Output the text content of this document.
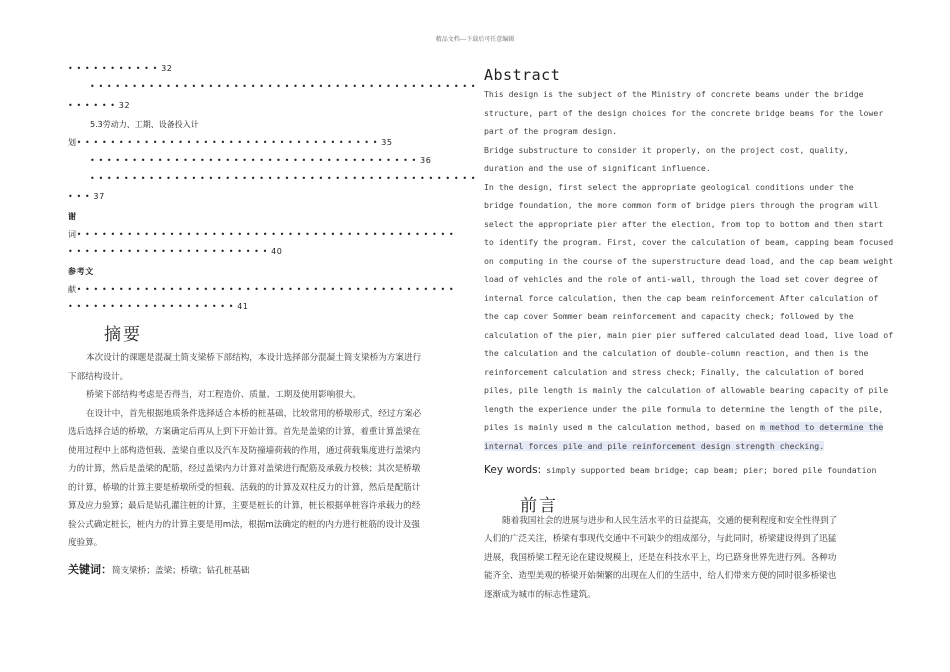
精品文档---下载后可任意编辑
• • • • • • • • • • • 32
• • • • • • • • • • • • • • • • • • • • • • • • • • • • • • • • • • • • • • • • • • • • • •
• • • • • • 32
5.3劳动力、工期、设备投入计
划• • • • • • • • • • • • • • • • • • • • • • • • • • • • • • • • • • • • 35
• • • • • • • • • • • • • • • • • • • • • • • • • • • • • • • • • • • • • • • 36
• • • • • • • • • • • • • • • • • • • • • • • • • • • • • • • • • • • • • • • • • • • • • •
• • • 37
谢
词• • • • • • • • • • • • • • • • • • • • • • • • • • • • • • • • • • • • • • • • • • • • •
• • • • • • • • • • • • • • • • • • • • • • • • 40
参考文
献• • • • • • • • • • • • • • • • • • • • • • • • • • • • • • • • • • • • • • • • • • • • •
• • • • • • • • • • • • • • • • • • • • 41
摘要
本次设计的课题是混凝土简支梁桥下部结构，本设计选择部分混凝土简支梁桥为方案进行
下部结构设计。
桥梁下部结构考虑是否得当，对工程造价、质量、工期及使用影响很大。
在设计中，首先根据地质条件选择适合本桥的桩基础，比较常用的桥墩形式，经过方案必
选后选择合适的桥墩，方案确定后再从上到下开始计算。首先是盖梁的计算，着重计算盖梁在
使用过程中上部构造恒载、盖梁自重以及汽车及防撞墙荷载的作用，通过荷载集度进行盖梁内
力的计算，然后是盖梁的配筋，经过盖梁内力计算对盖梁进行配筋及承载力校核；其次是桥墩
的计算，桥墩的计算主要是桥墩所受的恒载、活载的的计算及双柱反力的计算，然后是配筋计
算及应力验算；最后是钻孔灌注桩的计算，主要是桩长的计算，桩长根据单桩容许承载力的经
验公式确定桩长，桩内力的计算主要是用m法，根据m法确定的桩的内力进行桩筋的设计及强
度验算。
关键词：简支梁桥；盖梁；桥墩；钻孔桩基础
Abstract
This design is the subject of the Ministry of concrete beams under the bridge
structure, part of the design choices for the concrete bridge beams for the lower
part of the program design.
Bridge substructure to consider it properly, on the project cost, quality,
duration and the use of significant influence.
In the design, first select the appropriate geological conditions under the
bridge foundation, the more common form of bridge piers through the program will
select the appropriate pier after the election, from top to bottom and then start
to identify the program. First, cover the calculation of beam, capping beam focused
on computing in the course of the superstructure dead load, and the cap beam weight
load of vehicles and the role of anti-wall, through the load set cover degree of
internal force calculation, then the cap beam reinforcement After calculation of
the cap cover Sommer beam reinforcement and capacity check; followed by the
calculation of the pier, main pier pier suffered calculated dead load, live load of
the calculation and the calculation of double-column reaction, and then is the
reinforcement calculation and stress check; Finally, the calculation of bored
piles, pile length is mainly the calculation of allowable bearing capacity of pile
length the experience under the pile formula to determine the length of the pile,
piles is mainly used m the calculation method, based on m method to determine the
internal forces pile and pile reinforcement design strength checking.
Key words: simply supported beam bridge; cap beam; pier; bored pile foundation
前言
随着我国社会的进展与进步和人民生活水平的日益提高，交通的便利程度和安全性得到了
人们的广泛关注，桥梁有事现代交通中不可缺少的组成部分，与此同时，桥梁建设得到了迅猛
进展，我国桥梁工程无论在建设规模上，还是在科技水平上，均已跻身世界先进行列。各种功
能齐全、造型美观的桥梁开始频繁的出现在人们的生活中，给人们带来方便的同时很多桥梁也
逐渐成为城市的标志性建筑。
